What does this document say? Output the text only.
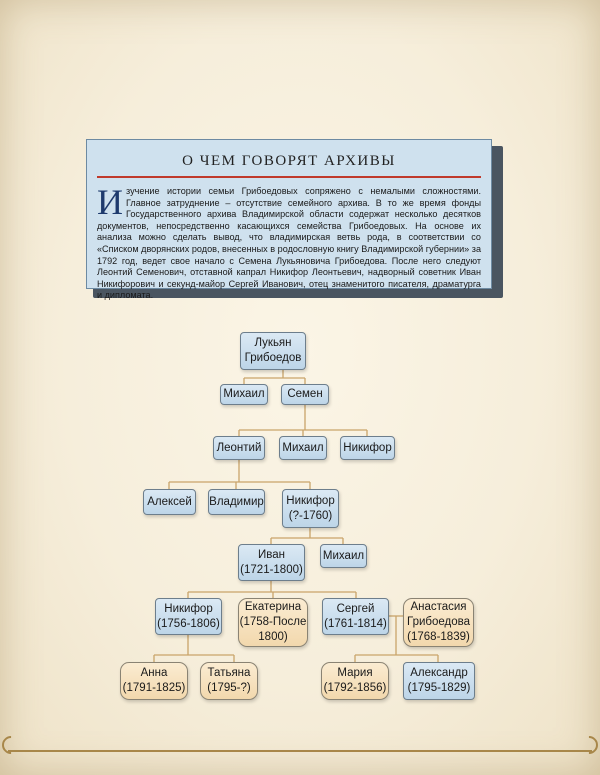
О ЧЕМ ГОВОРЯТ АРХИВЫ
Изучение истории семьи Грибоедовых сопряжено с немалыми сложностями. Главное затруднение – отсутствие семейного архива. В то же время фонды Государственного архива Владимирской области содержат несколько десятков документов, непосредственно касающихся семейства Грибоедовых. На основе их анализа можно сделать вывод, что владимирская ветвь рода, в соответствии со «Списком дворянских родов, внесенных в родословную книгу Владимирской губернии» за 1792 год, ведет свое начало с Семена Лукьяновича Грибоедова. После него следуют Леонтий Семенович, отставной капрал Никифор Леонтьевич, надворный советник Иван Никифорович и секунд-майор Сергей Иванович, отец знаменитого писателя, драматурга и дипломата.
Лукьян
Грибоедов
Михаил Семен
Леонтий Михаил Никифор
Алексей Владимир Никифор
(?-1760)
Иван
(1721-1800)
Михаил
Никифор
(1756-1806)
Екатерина
(1758-После
1800)
Сергей
(1761-1814)
Анастасия
Грибоедова
(1768-1839)
Анна
(1791-1825)
Татьяна
(1795-?)
Мария
(1792-1856)
Александр
(1795-1829)
